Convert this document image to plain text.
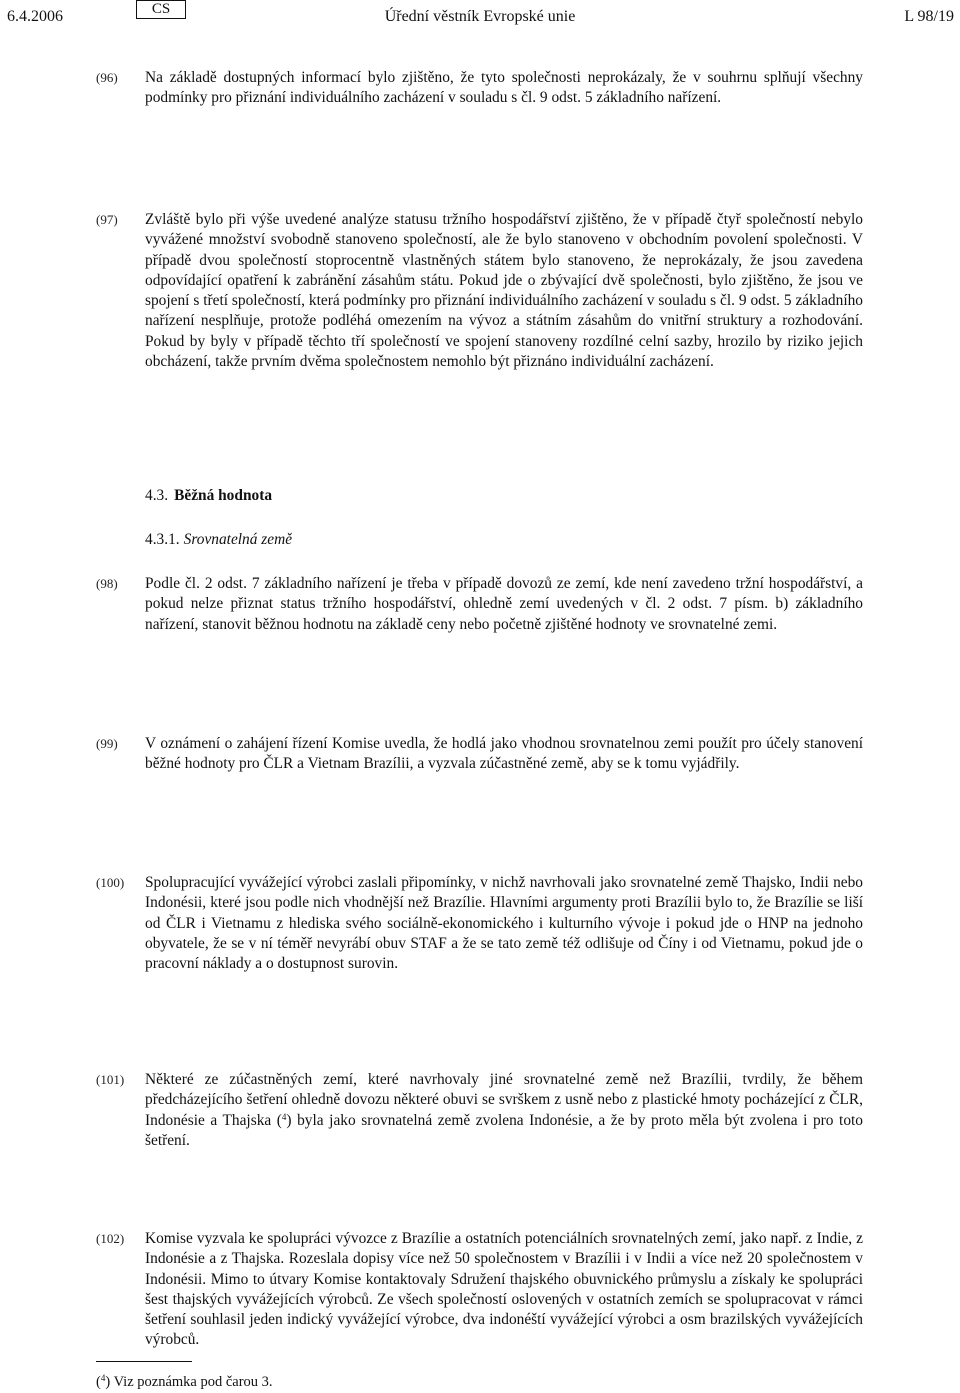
6.4.2006	CS	Úřední věstník Evropské unie	L 98/19
(96) Na základě dostupných informací bylo zjištěno, že tyto společnosti neprokázaly, že v souhrnu splňují všechny podmínky pro přiznání individuálního zacházení v souladu s čl. 9 odst. 5 základního nařízení.
(97) Zvláště bylo při výše uvedené analýze statusu tržního hospodářství zjištěno, že v případě čtyř společností nebylo vyvážené množství svobodně stanoveno společností, ale že bylo stanoveno v obchodním povolení společnosti. V případě dvou společností stoprocentně vlastněných státem bylo stanoveno, že neprokázaly, že jsou zavedena odpovídající opatření k zabránění zásahům státu. Pokud jde o zbývající dvě společnosti, bylo zjištěno, že jsou ve spojení s třetí společností, která podmínky pro přiznání individuálního zacházení v souladu s čl. 9 odst. 5 základního nařízení nesplňuje, protože podléhá omezením na vývoz a státním zásahům do vnitřní struktury a rozhodování. Pokud by byly v případě těchto tří společností ve spojení stanoveny rozdílné celní sazby, hrozilo by riziko jejich obcházení, takže prvním dvěma společnostem nemohlo být přiznáno individuální zacházení.
4.3. Běžná hodnota
4.3.1. Srovnatelná země
(98) Podle čl. 2 odst. 7 základního nařízení je třeba v případě dovozů ze zemí, kde není zavedeno tržní hospodářství, a pokud nelze přiznat status tržního hospodářství, ohledně zemí uvedených v čl. 2 odst. 7 písm. b) základního nařízení, stanovit běžnou hodnotu na základě ceny nebo početně zjištěné hodnoty ve srovnatelné zemi.
(99) V oznámení o zahájení řízení Komise uvedla, že hodlá jako vhodnou srovnatelnou zemi použít pro účely stanovení běžné hodnoty pro ČLR a Vietnam Brazílii, a vyzvala zúčastněné země, aby se k tomu vyjádřily.
(100) Spolupracující vyvážející výrobci zaslali připomínky, v nichž navrhovali jako srovnatelné země Thajsko, Indii nebo Indonésii, které jsou podle nich vhodnější než Brazílie. Hlavními argumenty proti Brazílii bylo to, že Brazílie se liší od ČLR i Vietnamu z hlediska svého sociálně-ekonomického i kulturního vývoje i pokud jde o HNP na jednoho obyvatele, že se v ní téměř nevyrábí obuv STAF a že se tato země též odlišuje od Číny i od Vietnamu, pokud jde o pracovní náklady a o dostupnost surovin.
(101) Některé ze zúčastněných zemí, které navrhovaly jiné srovnatelné země než Brazílii, tvrdily, že během předcházejícího šetření ohledně dovozu některé obuvi se svrškem z usně nebo z plastické hmoty pocházející z ČLR, Indonésie a Thajska ($^4$) byla jako srovnatelná země zvolena Indonésie, a že by proto měla být zvolena i pro toto šetření.
(102) Komise vyzvala ke spolupráci vývozce z Brazílie a ostatních potenciálních srovnatelných zemí, jako např. z Indie, z Indonésie a z Thajska. Rozeslala dopisy více než 50 společnostem v Brazílii i v Indii a více než 20 společnostem v Indonésii. Mimo to útvary Komise kontaktovaly Sdružení thajského obuvnického průmyslu a získaly ke spolupráci šest thajských vyvážejících výrobců. Ze všech společností oslovených v ostatních zemích se spolupracovat v rámci šetření souhlasil jeden indický vyvážející výrobce, dva indonéští vyvážející výrobci a osm brazilských vyvážejících výrobců.
($^4$) Viz poznámka pod čarou 3.
